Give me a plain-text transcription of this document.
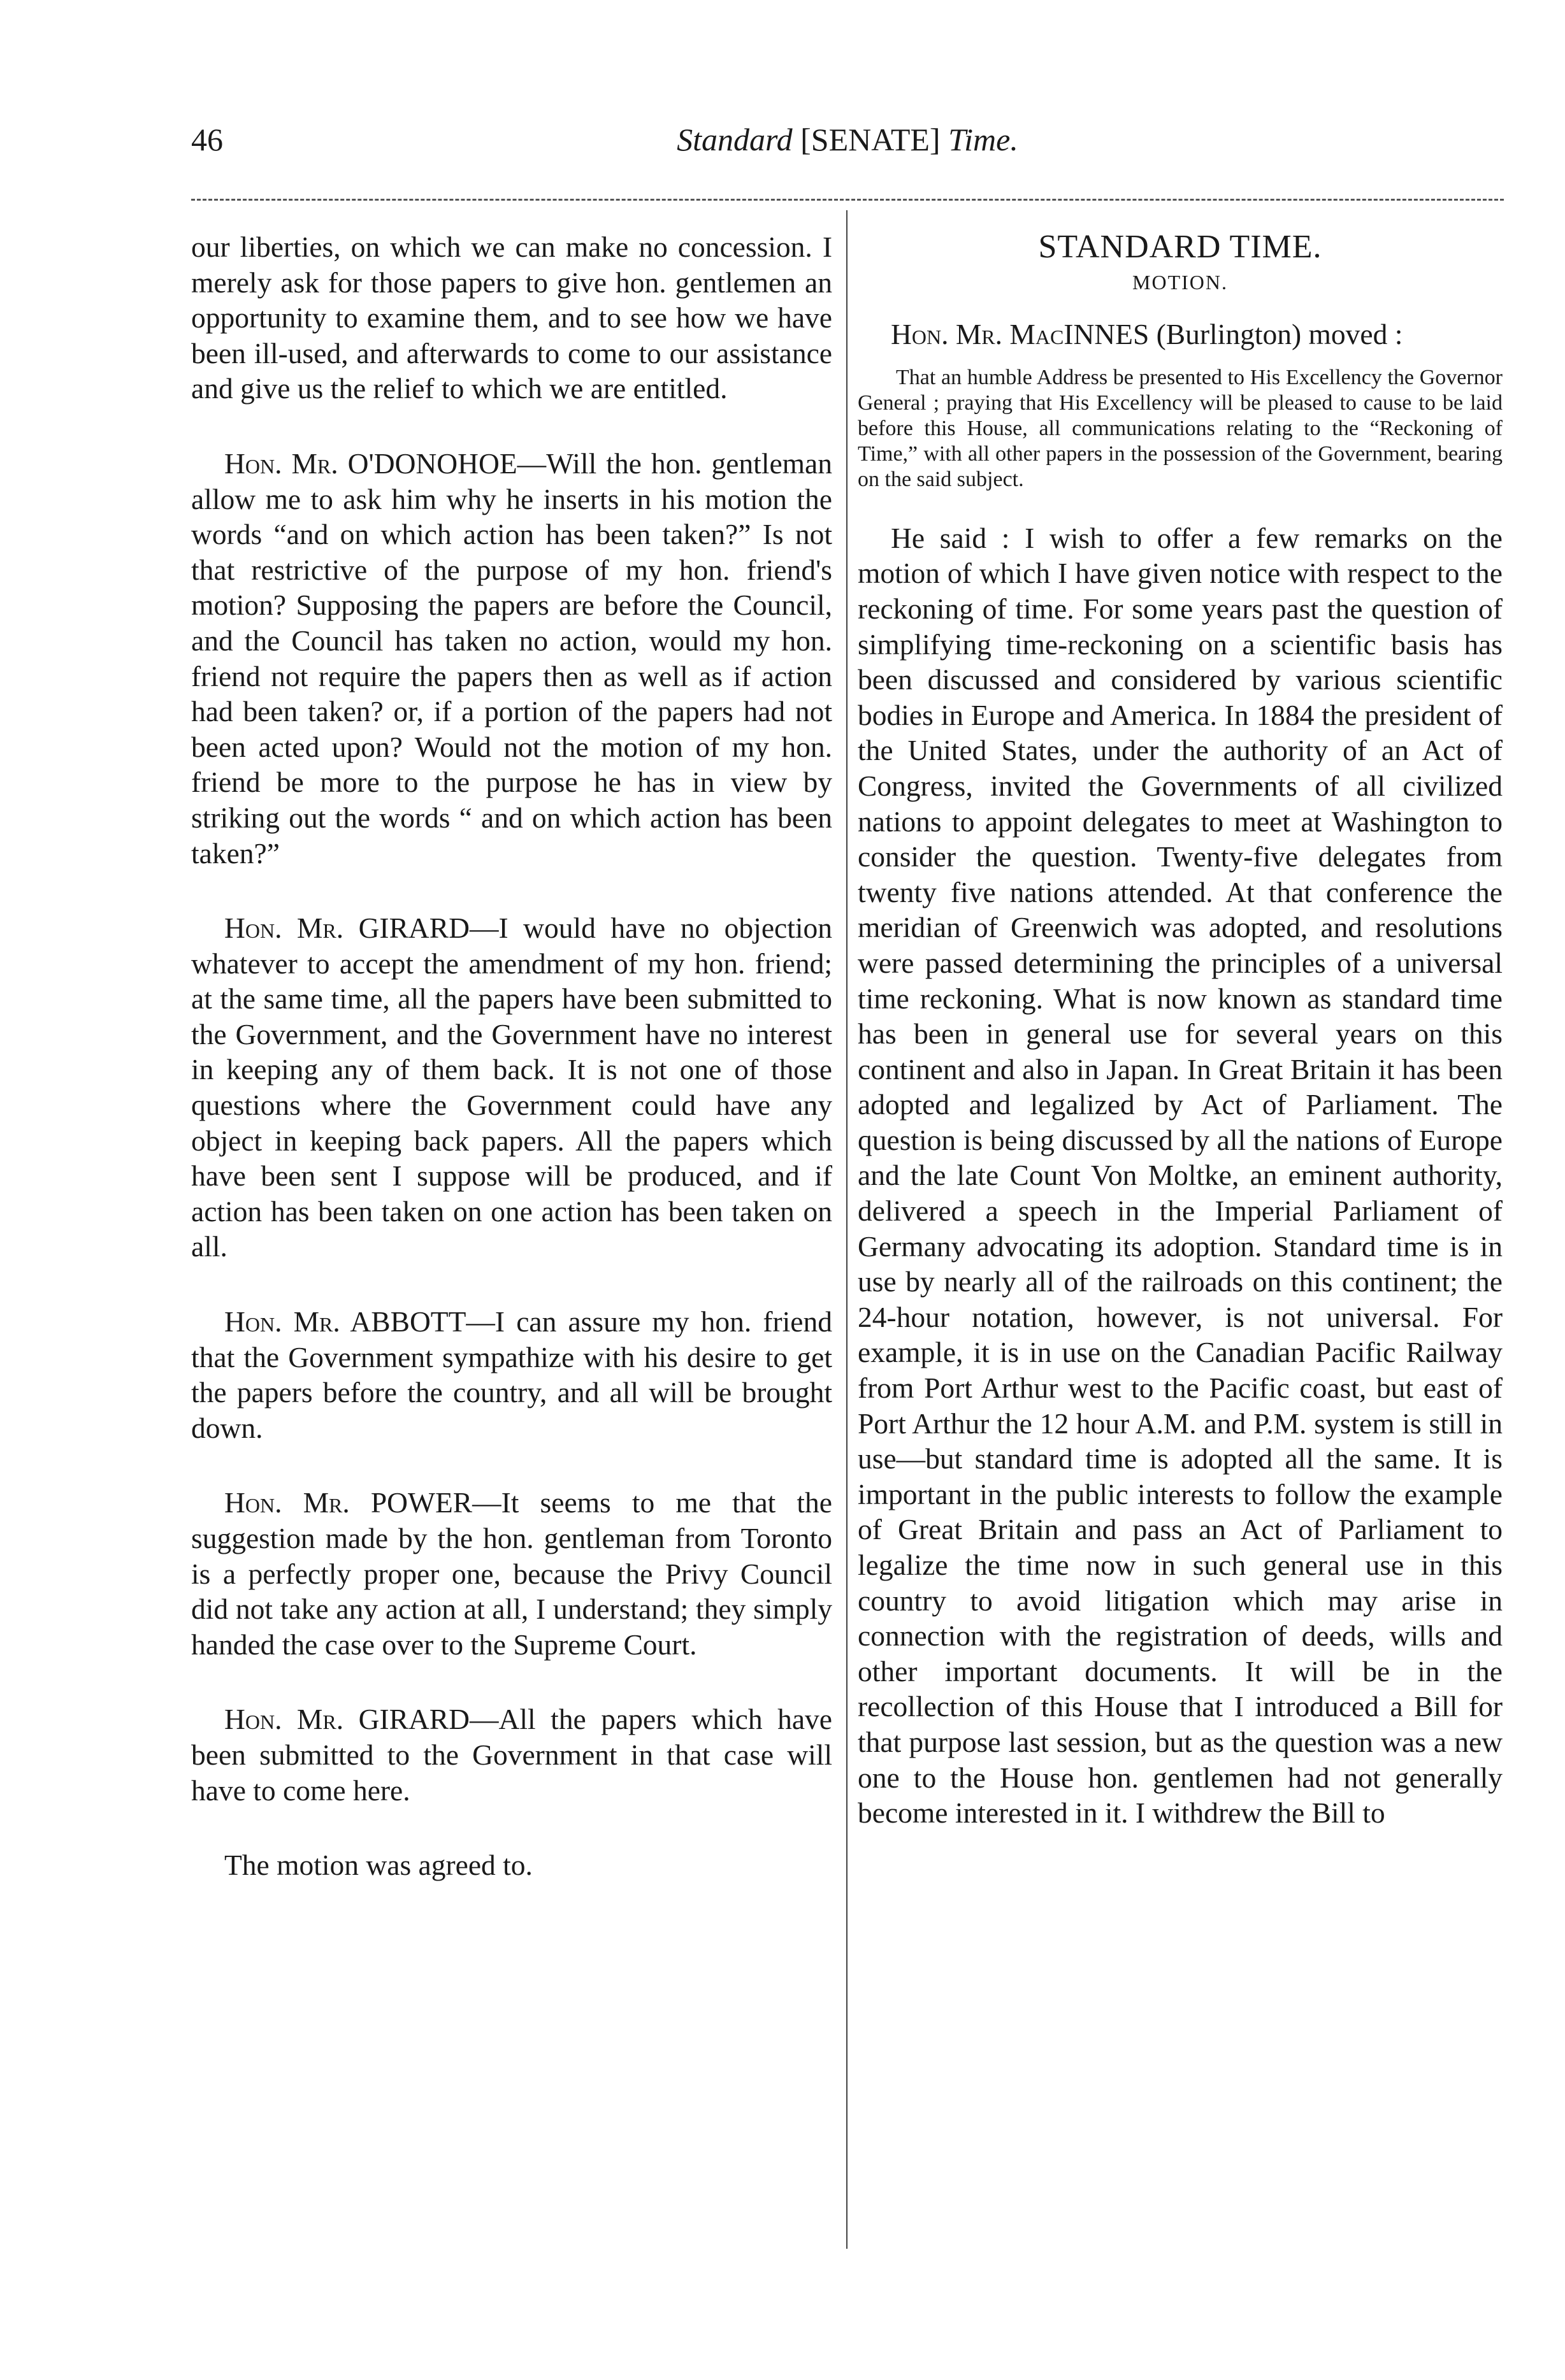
46	Standard [SENATE] Time.

our liberties, on which we can make no concession. I merely ask for those papers to give hon. gentlemen an opportunity to examine them, and to see how we have been ill-used, and afterwards to come to our assistance and give us the relief to which we are entitled.

Hon. Mr. O'DONOHOE—Will the hon. gentleman allow me to ask him why he inserts in his motion the words “and on which action has been taken?” Is not that restrictive of the purpose of my hon. friend's motion? Supposing the papers are before the Council, and the Council has taken no action, would my hon. friend not require the papers then as well as if action had been taken? or, if a portion of the papers had not been acted upon? Would not the motion of my hon. friend be more to the purpose he has in view by striking out the words “ and on which action has been taken?”

Hon. Mr. GIRARD—I would have no objection whatever to accept the amendment of my hon. friend; at the same time, all the papers have been submitted to the Government, and the Government have no interest in keeping any of them back. It is not one of those questions where the Government could have any object in keeping back papers. All the papers which have been sent I suppose will be produced, and if action has been taken on one action has been taken on all.

Hon. Mr. ABBOTT—I can assure my hon. friend that the Government sympathize with his desire to get the papers before the country, and all will be brought down.

Hon. Mr. POWER—It seems to me that the suggestion made by the hon. gentleman from Toronto is a perfectly proper one, because the Privy Council did not take any action at all, I understand; they simply handed the case over to the Supreme Court.

Hon. Mr. GIRARD—All the papers which have been submitted to the Government in that case will have to come here.

The motion was agreed to.

STANDARD TIME.

MOTION.

Hon. Mr. MacINNES (Burlington) moved :

That an humble Address be presented to His Excellency the Governor General ; praying that His Excellency will be pleased to cause to be laid before this House, all communications relating to the “Reckoning of Time,” with all other papers in the possession of the Government, bearing on the said subject.

He said : I wish to offer a few remarks on the motion of which I have given notice with respect to the reckoning of time. For some years past the question of simplifying time-reckoning on a scientific basis has been discussed and considered by various scientific bodies in Europe and America. In 1884 the president of the United States, under the authority of an Act of Congress, invited the Governments of all civilized nations to appoint delegates to meet at Washington to consider the question. Twenty-five delegates from twenty five nations attended. At that conference the meridian of Greenwich was adopted, and resolutions were passed determining the principles of a universal time reckoning. What is now known as standard time has been in general use for several years on this continent and also in Japan. In Great Britain it has been adopted and legalized by Act of Parliament. The question is being discussed by all the nations of Europe and the late Count Von Moltke, an eminent authority, delivered a speech in the Imperial Parliament of Germany advocating its adoption. Standard time is in use by nearly all of the railroads on this continent; the 24-hour notation, however, is not universal. For example, it is in use on the Canadian Pacific Railway from Port Arthur west to the Pacific coast, but east of Port Arthur the 12 hour A.M. and P.M. system is still in use—but standard time is adopted all the same. It is important in the public interests to follow the example of Great Britain and pass an Act of Parliament to legalize the time now in such general use in this country to avoid litigation which may arise in connection with the registration of deeds, wills and other important documents. It will be in the recollection of this House that I introduced a Bill for that purpose last session, but as the question was a new one to the House hon. gentlemen had not generally become interested in it. I withdrew the Bill to
